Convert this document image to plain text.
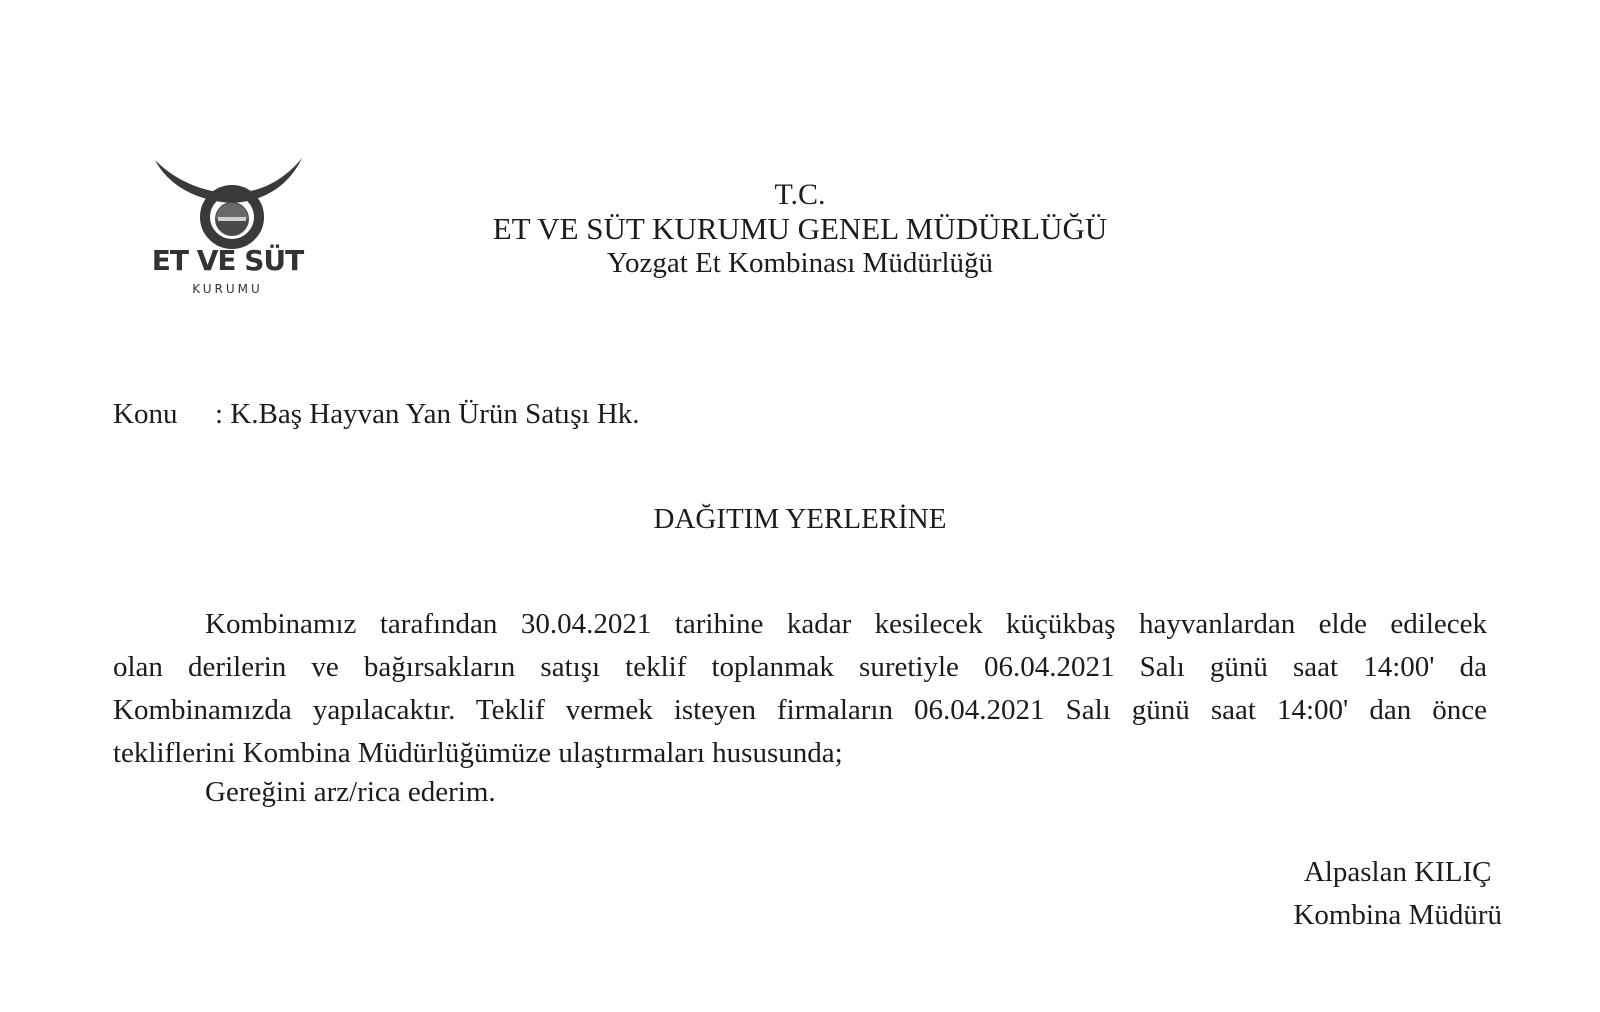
ET VE SÜT
KURUMU
T.C.
ET VE SÜT KURUMU GENEL MÜDÜRLÜĞÜ
Yozgat Et Kombinası Müdürlüğü
Konu : K.Baş Hayvan Yan Ürün Satışı Hk.
DAĞITIM YERLERİNE
Kombinamız tarafından 30.04.2021 tarihine kadar kesilecek küçükbaş hayvanlardan elde edilecek
olan derilerin ve bağırsakların satışı teklif toplanmak suretiyle 06.04.2021 Salı günü saat 14:00' da
Kombinamızda yapılacaktır. Teklif vermek isteyen firmaların 06.04.2021 Salı günü saat 14:00' dan önce
tekliflerini Kombina Müdürlüğümüze ulaştırmaları hususunda;
Gereğini arz/rica ederim.
Alpaslan KILIÇ
Kombina Müdürü
